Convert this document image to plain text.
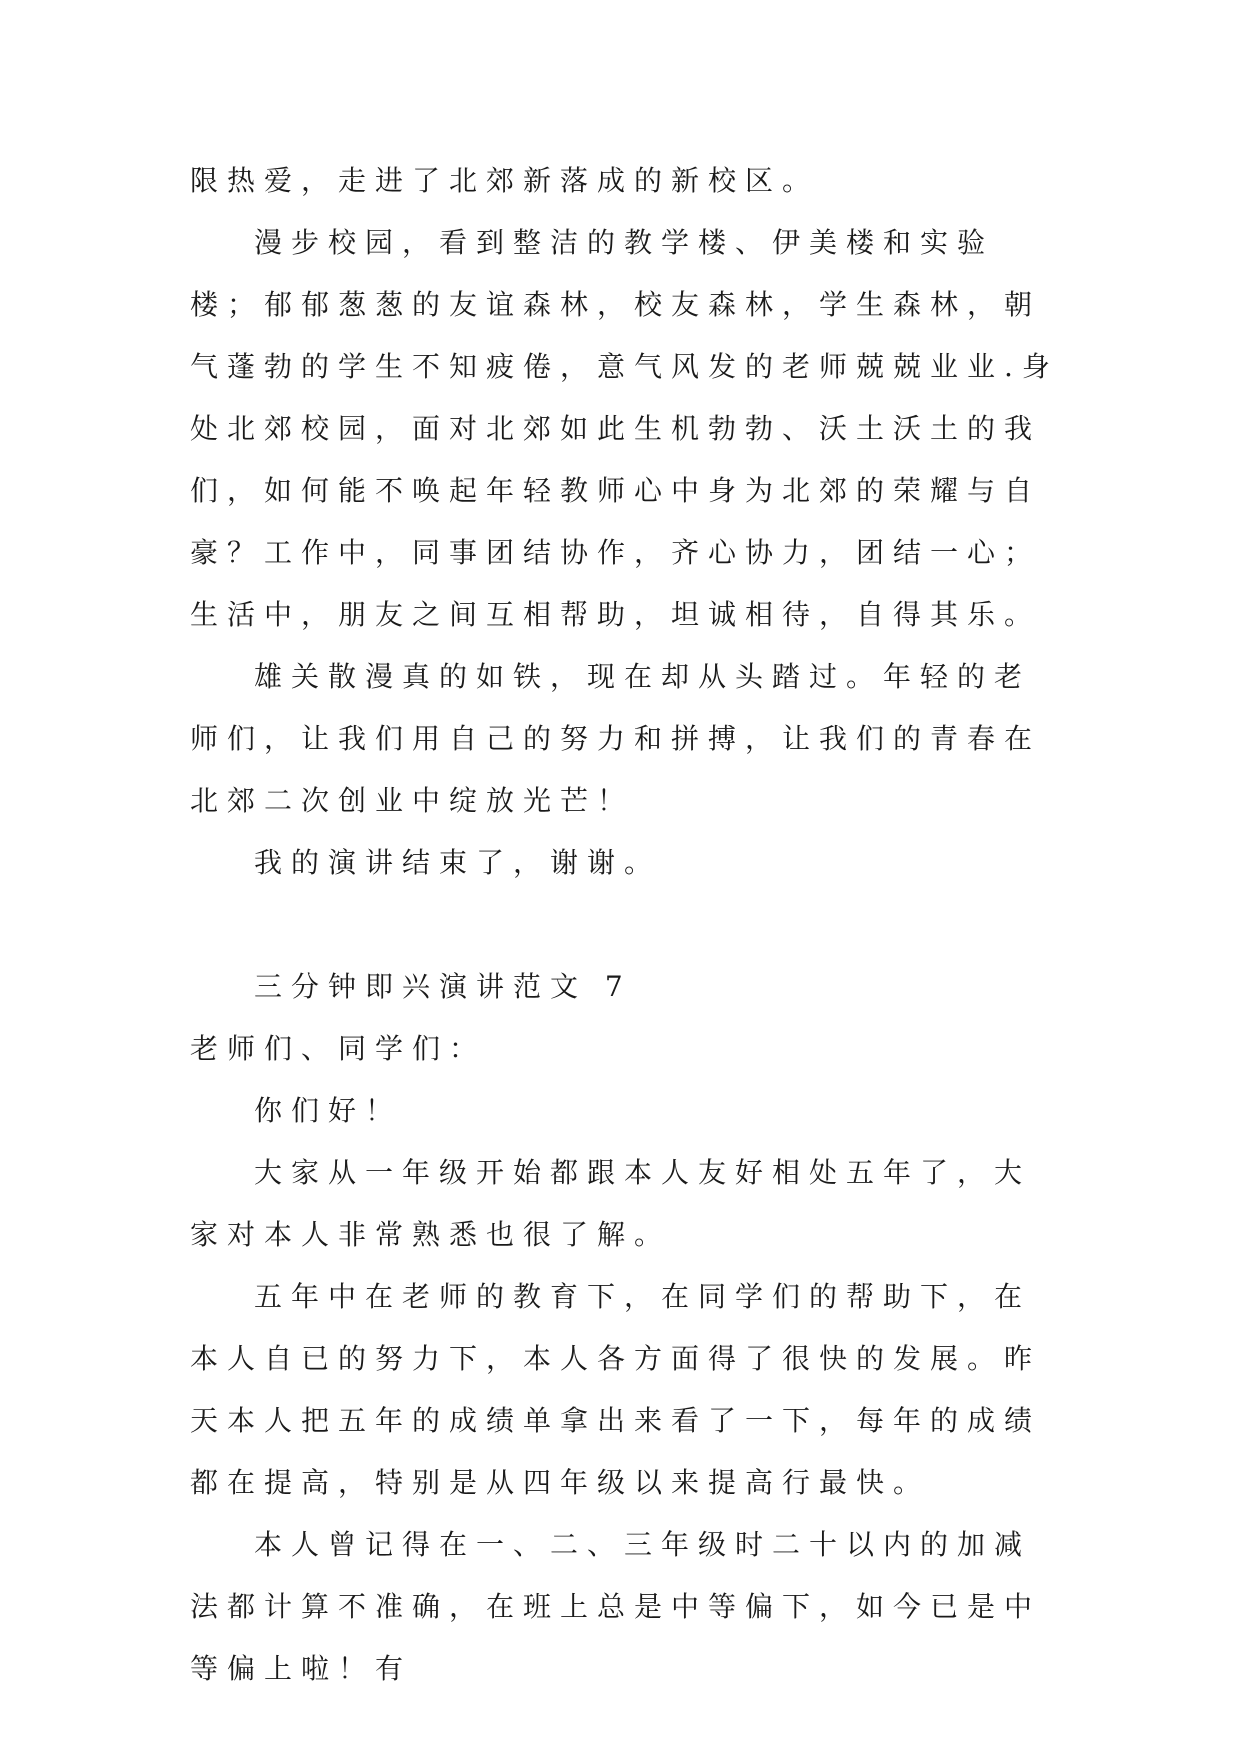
限热爱，走进了北郊新落成的新校区。

漫步校园，看到整洁的教学楼、伊美楼和实验楼；郁郁葱葱的友谊森林，校友森林，学生森林，朝气蓬勃的学生不知疲倦，意气风发的老师兢兢业业.身处北郊校园，面对北郊如此生机勃勃、沃土沃土的我们，如何能不唤起年轻教师心中身为北郊的荣耀与自豪？工作中，同事团结协作，齐心协力，团结一心；生活中，朋友之间互相帮助，坦诚相待，自得其乐。

雄关散漫真的如铁，现在却从头踏过。年轻的老师们，让我们用自己的努力和拼搏，让我们的青春在北郊二次创业中绽放光芒！

我的演讲结束了，谢谢。

三分钟即兴演讲范文 7

老师们、同学们：

你们好！

大家从一年级开始都跟本人友好相处五年了，大家对本人非常熟悉也很了解。

五年中在老师的教育下，在同学们的帮助下，在本人自已的努力下，本人各方面得了很快的发展。昨天本人把五年的成绩单拿出来看了一下，每年的成绩都在提高，特别是从四年级以来提高行最快。

本人曾记得在一、二、三年级时二十以内的加减法都计算不准确，在班上总是中等偏下，如今已是中等偏上啦！有
